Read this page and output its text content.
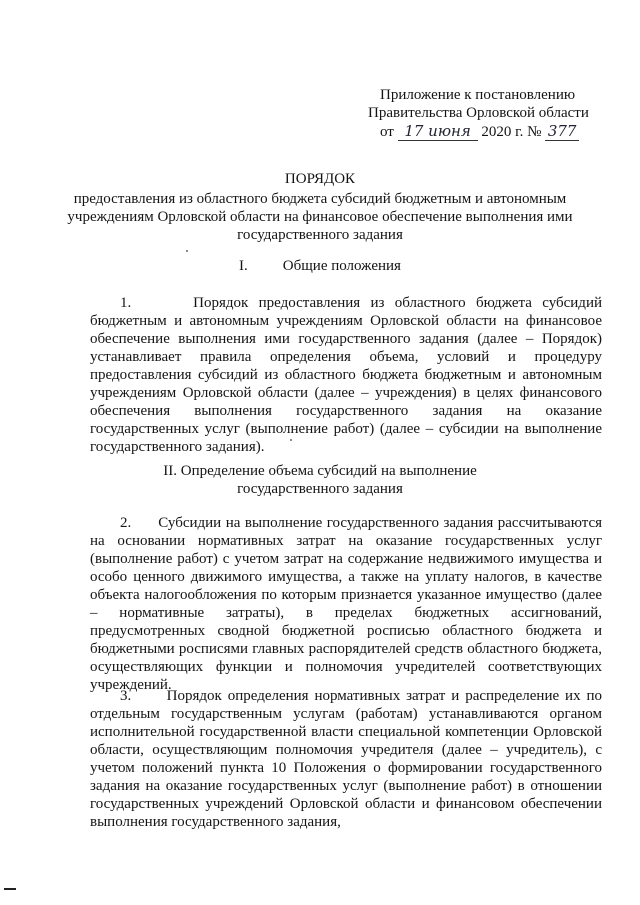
Приложение к постановлению
Правительства Орловской области
от 17 июня 2020 г. № 377
ПОРЯДОК
предоставления из областного бюджета субсидий бюджетным и автономным учреждениям Орловской области на финансовое обеспечение выполнения ими государственного задания
I. Общие положения

1.      Порядок предоставления из областного бюджета субсидий бюджетным и автономным учреждениям Орловской области на финансовое обеспечение выполнения ими государственного задания (далее – Порядок) устанавливает правила определения объема, условий и процедуру предоставления субсидий из областного бюджета бюджетным и автономным учреждениям Орловской области (далее – учреждения) в целях финансового обеспечения выполнения государственного задания на оказание государственных услуг (выполнение работ) (далее – субсидии на выполнение государственного задания).

II. Определение объема субсидий на выполнение государственного задания

2.      Субсидии на выполнение государственного задания рассчитываются на основании нормативных затрат на оказание государственных услуг (выполнение работ) с учетом затрат на содержание недвижимого имущества и особо ценного движимого имущества, а также на уплату налогов, в качестве объекта налогообложения по которым признается указанное имущество (далее – нормативные затраты), в пределах бюджетных ассигнований, предусмотренных сводной бюджетной росписью областного бюджета и бюджетными росписями главных распорядителей средств областного бюджета, осуществляющих функции и полномочия учредителей соответствующих учреждений.

3.      Порядок определения нормативных затрат и распределение их по отдельным государственным услугам (работам) устанавливаются органом исполнительной государственной власти специальной компетенции Орловской области, осуществляющим полномочия учредителя (далее – учредитель), с учетом положений пункта 10 Положения о формировании государственного задания на оказание государственных услуг (выполнение работ) в отношении государственных учреждений Орловской области и финансовом обеспечении выполнения государственного задания,
